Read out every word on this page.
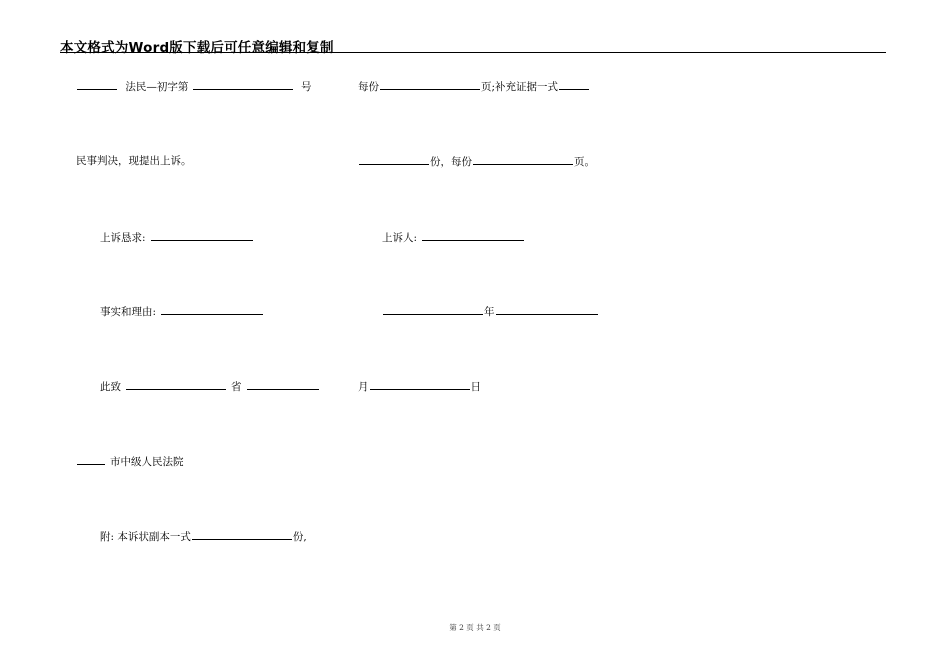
本文格式为Word版下载后可任意编辑和复制
法民—初字第	号	每份	页;补充证据一式
民事判决，现提出上诉。	份，每份	页。
上诉恳求:	上诉人:
事实和理由:	年
此致	省	月	日
市中级人民法院
附: 本诉状副本一式	份,
第 2 页 共 2 页
